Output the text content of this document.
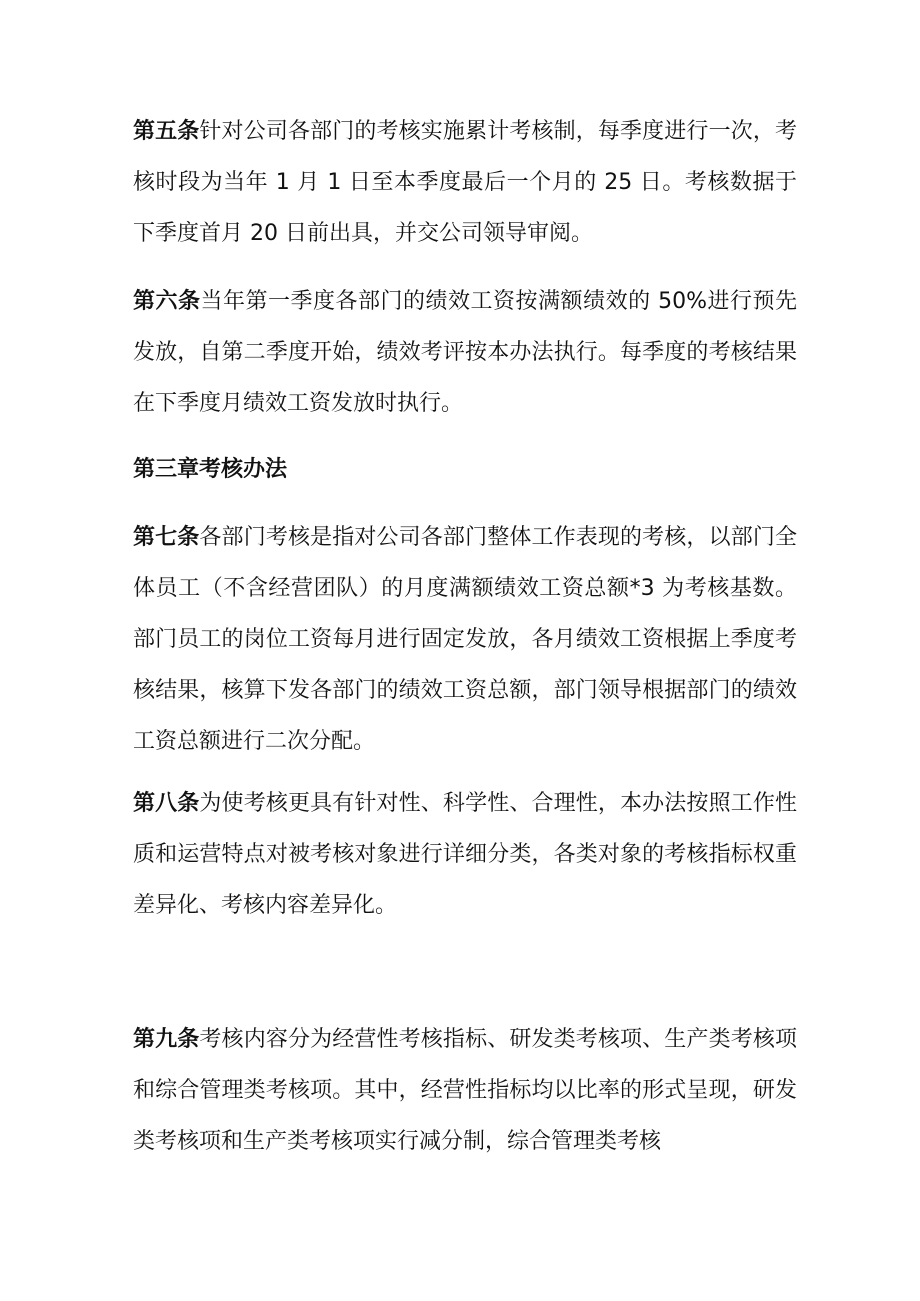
第五条针对公司各部门的考核实施累计考核制，每季度进行一次，考核时段为当年 1 月 1 日至本季度最后一个月的 25 日。考核数据于下季度首月 20 日前出具，并交公司领导审阅。

第六条当年第一季度各部门的绩效工资按满额绩效的 50%进行预先发放，自第二季度开始，绩效考评按本办法执行。每季度的考核结果在下季度月绩效工资发放时执行。

第三章考核办法

第七条各部门考核是指对公司各部门整体工作表现的考核，以部门全体员工（不含经营团队）的月度满额绩效工资总额*3 为考核基数。部门员工的岗位工资每月进行固定发放，各月绩效工资根据上季度考核结果，核算下发各部门的绩效工资总额，部门领导根据部门的绩效工资总额进行二次分配。

第八条为使考核更具有针对性、科学性、合理性，本办法按照工作性质和运营特点对被考核对象进行详细分类，各类对象的考核指标权重差异化、考核内容差异化。

第九条考核内容分为经营性考核指标、研发类考核项、生产类考核项和综合管理类考核项。其中，经营性指标均以比率的形式呈现，研发类考核项和生产类考核项实行减分制，综合管理类考核
